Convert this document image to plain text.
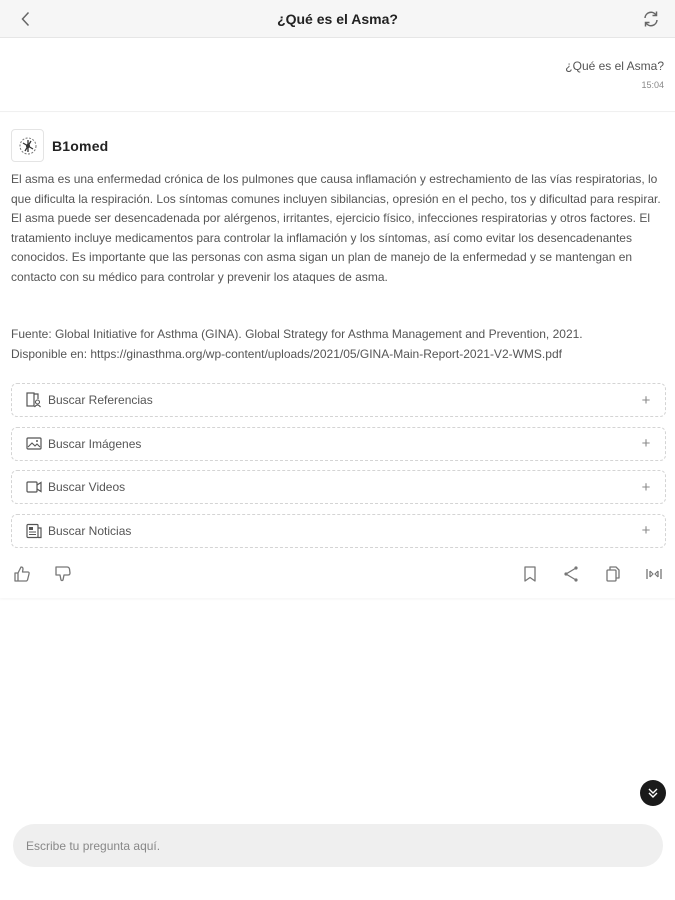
¿Qué es el Asma?
¿Qué es el Asma?
15:04
B1omed

El asma es una enfermedad crónica de los pulmones que causa inflamación y estrechamiento de las vías respiratorias, lo que dificulta la respiración. Los síntomas comunes incluyen sibilancias, opresión en el pecho, tos y dificultad para respirar. El asma puede ser desencadenada por alérgenos, irritantes, ejercicio físico, infecciones respiratorias y otros factores. El tratamiento incluye medicamentos para controlar la inflamación y los síntomas, así como evitar los desencadenantes conocidos. Es importante que las personas con asma sigan un plan de manejo de la enfermedad y se mantengan en contacto con su médico para controlar y prevenir los ataques de asma.

Fuente: Global Initiative for Asthma (GINA). Global Strategy for Asthma Management and Prevention, 2021.
Disponible en: https://ginasthma.org/wp-content/uploads/2021/05/GINA-Main-Report-2021-V2-WMS.pdf
Buscar Referencias	+
Buscar Imágenes	+
Buscar Videos	+
Buscar Noticias	+
Escribe tu pregunta aquí.
